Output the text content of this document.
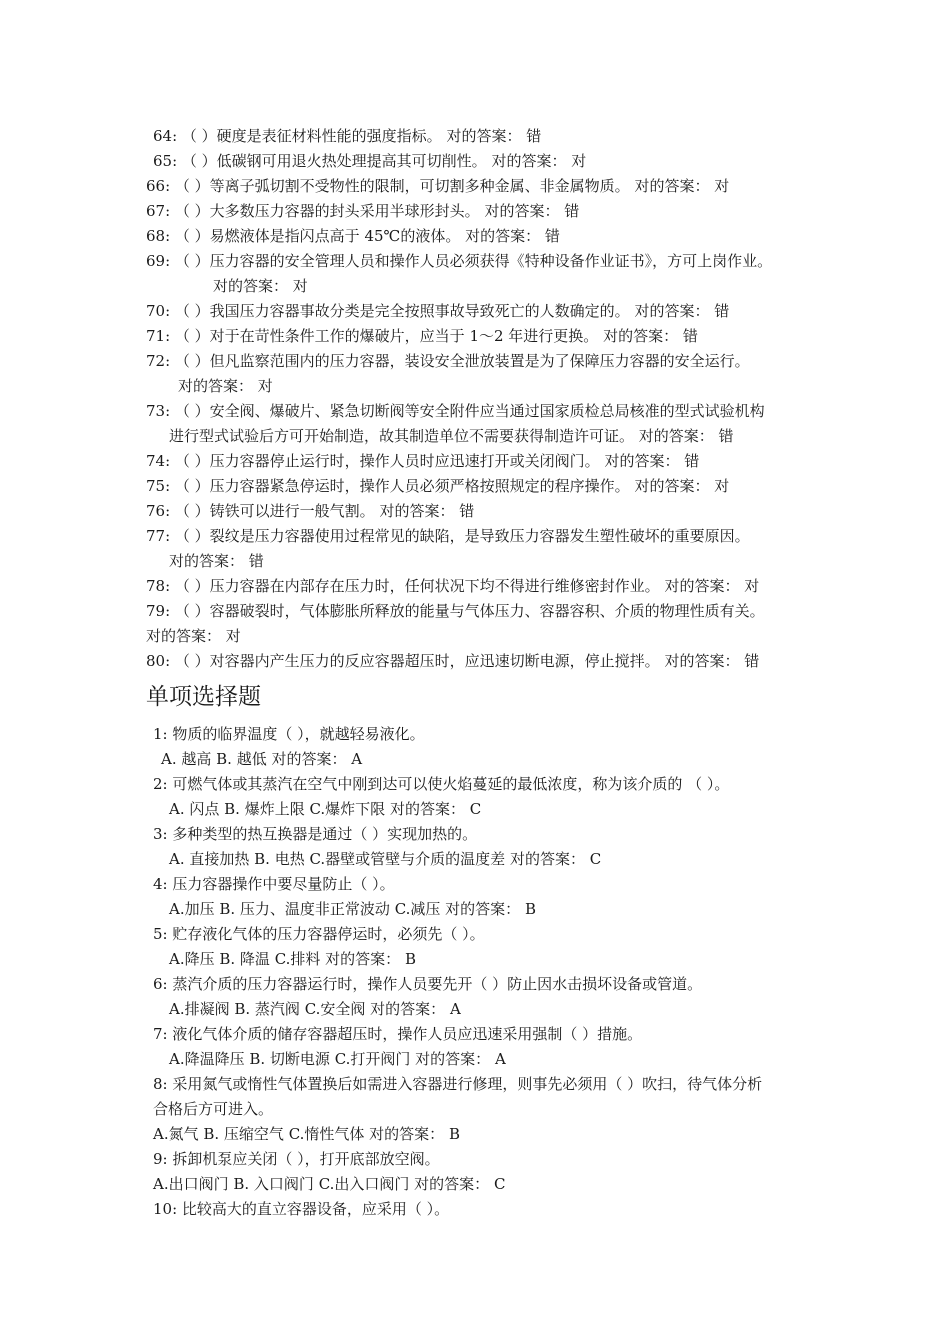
64: （ ）硬度是表征材料性能的强度指标。 对的答案： 错
65: （ ）低碳钢可用退火热处理提高其可切削性。 对的答案： 对
66: （ ）等离子弧切割不受物性的限制，可切割多种金属、非金属物质。 对的答案： 对
67: （ ）大多数压力容器的封头采用半球形封头。 对的答案： 错
68: （ ）易燃液体是指闪点高于 45℃的液体。 对的答案： 错
69: （ ）压力容器的安全管理人员和操作人员必须获得《特种设备作业证书》，方可上岗作业。
对的答案： 对
70: （ ）我国压力容器事故分类是完全按照事故导致死亡的人数确定的。 对的答案： 错
71: （ ）对于在苛性条件工作的爆破片，应当于 1～2 年进行更换。 对的答案： 错
72: （ ）但凡监察范围内的压力容器，装设安全泄放装置是为了保障压力容器的安全运行。
对的答案： 对
73: （ ）安全阀、爆破片、紧急切断阀等安全附件应当通过国家质检总局核准的型式试验机构
进行型式试验后方可开始制造，故其制造单位不需要获得制造许可证。 对的答案： 错
74: （ ）压力容器停止运行时，操作人员时应迅速打开或关闭阀门。 对的答案： 错
75: （ ）压力容器紧急停运时，操作人员必须严格按照规定的程序操作。 对的答案： 对
76: （ ）铸铁可以进行一般气割。 对的答案： 错
77: （ ）裂纹是压力容器使用过程常见的缺陷，是导致压力容器发生塑性破坏的重要原因。
对的答案： 错
78: （ ）压力容器在内部存在压力时，任何状况下均不得进行维修密封作业。 对的答案： 对
79: （ ）容器破裂时，气体膨胀所释放的能量与气体压力、容器容积、介质的物理性质有关。
对的答案： 对
80: （ ）对容器内产生压力的反应容器超压时，应迅速切断电源，停止搅拌。 对的答案： 错
单项选择题
1: 物质的临界温度（ ），就越轻易液化。
A. 越高 B. 越低 对的答案： A
2: 可燃气体或其蒸汽在空气中刚到达可以使火焰蔓延的最低浓度，称为该介质的 （ ）。
A. 闪点 B. 爆炸上限 C.爆炸下限 对的答案： C
3: 多种类型的热互换器是通过（ ）实现加热的。
A. 直接加热 B. 电热 C.器壁或管壁与介质的温度差 对的答案： C
4: 压力容器操作中要尽量防止（ ）。
A.加压 B. 压力、温度非正常波动 C.减压 对的答案： B
5: 贮存液化气体的压力容器停运时，必须先（ ）。
A.降压 B. 降温 C.排料 对的答案： B
6: 蒸汽介质的压力容器运行时，操作人员要先开（ ）防止因水击损坏设备或管道。
A.排凝阀 B. 蒸汽阀 C.安全阀 对的答案： A
7: 液化气体介质的储存容器超压时，操作人员应迅速采用强制（ ）措施。
A.降温降压 B. 切断电源 C.打开阀门 对的答案： A
8: 采用氮气或惰性气体置换后如需进入容器进行修理，则事先必须用（ ）吹扫，待气体分析
合格后方可进入。
A.氮气 B. 压缩空气 C.惰性气体 对的答案： B
9: 拆卸机泵应关闭（ ），打开底部放空阀。
A.出口阀门 B. 入口阀门 C.出入口阀门 对的答案： C
10: 比较高大的直立容器设备，应采用（ ）。
